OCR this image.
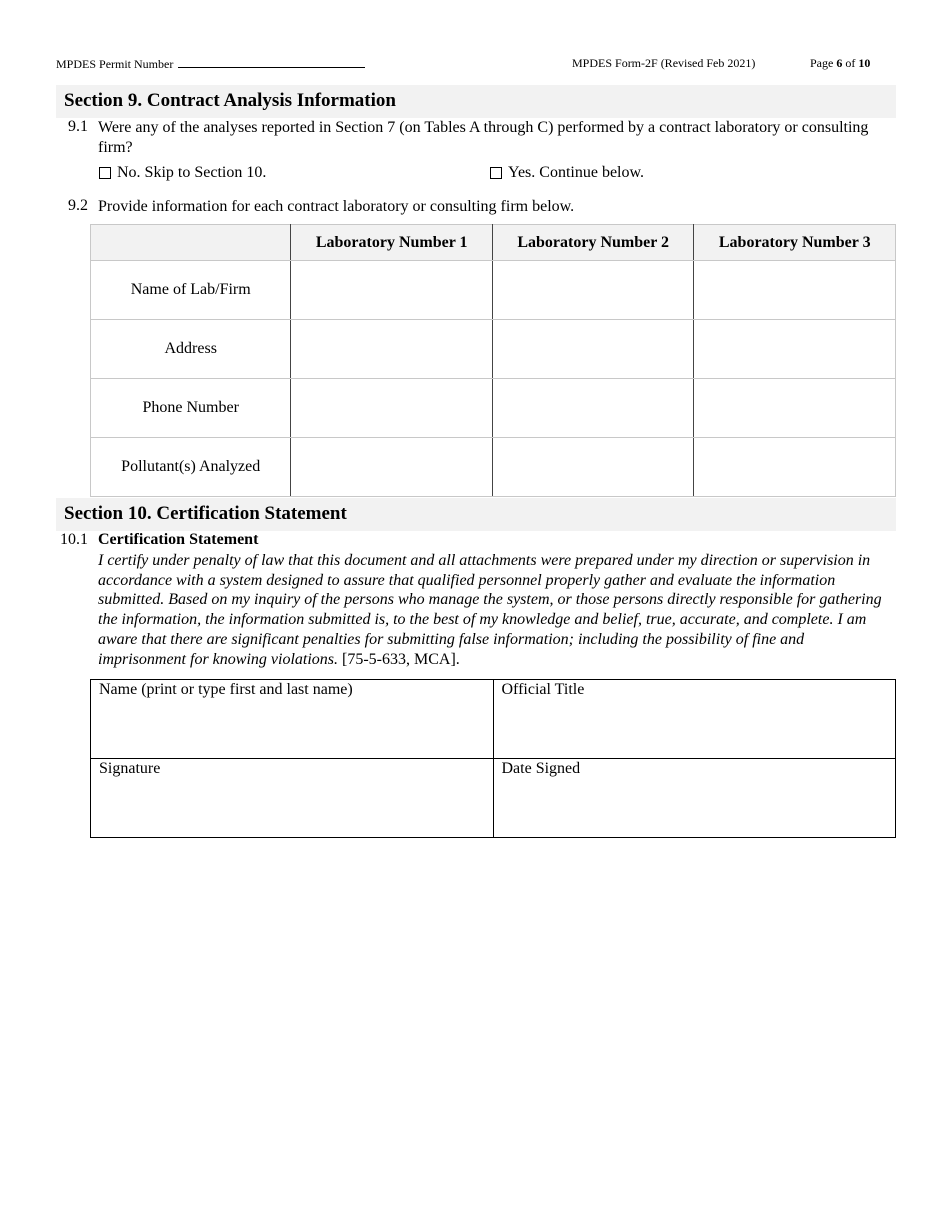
MPDES Permit Number	MPDES Form-2F (Revised Feb 2021)	Page 6 of 10
Section 9. Contract Analysis Information
9.1 Were any of the analyses reported in Section 7 (on Tables A through C) performed by a contract laboratory or consulting firm?
No. Skip to Section 10.	Yes. Continue below.
9.2 Provide information for each contract laboratory or consulting firm below.
	Laboratory Number 1	Laboratory Number 2	Laboratory Number 3
Name of Lab/Firm			
Address			
Phone Number			
Pollutant(s) Analyzed			
Section 10. Certification Statement
10.1 Certification Statement
I certify under penalty of law that this document and all attachments were prepared under my direction or supervision in accordance with a system designed to assure that qualified personnel properly gather and evaluate the information submitted. Based on my inquiry of the persons who manage the system, or those persons directly responsible for gathering the information, the information submitted is, to the best of my knowledge and belief, true, accurate, and complete. I am aware that there are significant penalties for submitting false information; including the possibility of fine and imprisonment for knowing violations. [75-5-633, MCA].
Name (print or type first and last name)	Official Title
Signature	Date Signed
